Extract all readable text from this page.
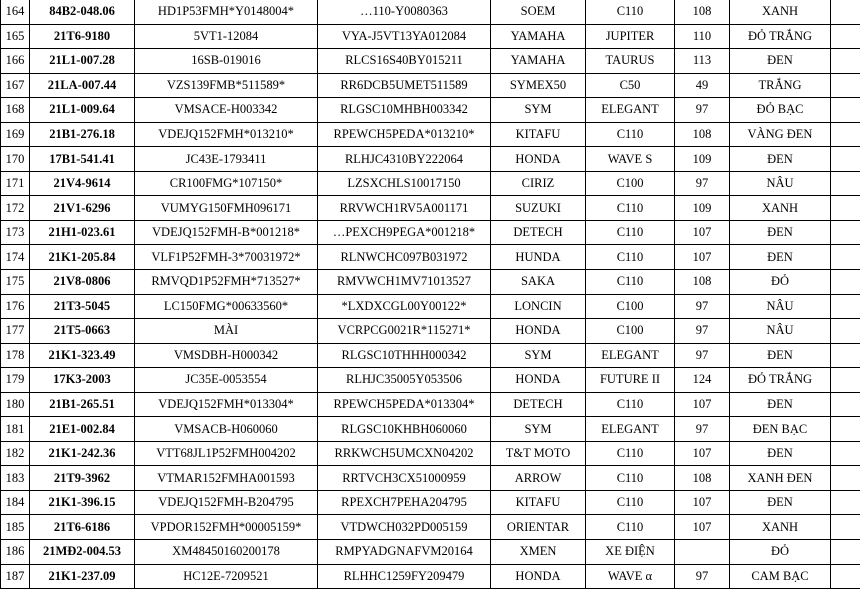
164	84B2-048.06	HD1P53FMH*Y0148004*	…110-Y0080363	SOEM	C110	108	XANH	
165	21T6-9180	5VT1-12084	VYA-J5VT13YA012084	YAMAHA	JUPITER	110	ĐỎ TRẮNG	
166	21L1-007.28	16SB-019016	RLCS16S40BY015211	YAMAHA	TAURUS	113	ĐEN	
167	21LA-007.44	VZS139FMB*511589*	RR6DCB5UMET511589	SYMEX50	C50	49	TRẮNG	
168	21L1-009.64	VMSACE-H003342	RLGSC10MHBH003342	SYM	ELEGANT	97	ĐỎ BẠC	
169	21B1-276.18	VDEJQ152FMH*013210*	RPEWCH5PEDA*013210*	KITAFU	C110	108	VÀNG ĐEN	
170	17B1-541.41	JC43E-1793411	RLHJC4310BY222064	HONDA	WAVE S	109	ĐEN	
171	21V4-9614	CR100FMG*107150*	LZSXCHLS10017150	CIRIZ	C100	97	NÂU	
172	21V1-6296	VUMYG150FMH096171	RRVWCH1RV5A001171	SUZUKI	C110	109	XANH	
173	21H1-023.61	VDEJQ152FMH-B*001218*	…PEXCH9PEGA*001218*	DETECH	C110	107	ĐEN	
174	21K1-205.84	VLF1P52FMH-3*70031972*	RLNWCHC097B031972	HUNDA	C110	107	ĐEN	
175	21V8-0806	RMVQD1P52FMH*713527*	RMVWCH1MV71013527	SAKA	C110	108	ĐỎ	
176	21T3-5045	LC150FMG*00633560*	*LXDXCGL00Y00122*	LONCIN	C100	97	NÂU	
177	21T5-0663	MÀI	VCRPCG0021R*115271*	HONDA	C100	97	NÂU	
178	21K1-323.49	VMSDBH-H000342	RLGSC10THHH000342	SYM	ELEGANT	97	ĐEN	
179	17K3-2003	JC35E-0053554	RLHJC35005Y053506	HONDA	FUTURE II	124	ĐỎ TRẮNG	
180	21B1-265.51	VDEJQ152FMH*013304*	RPEWCH5PEDA*013304*	DETECH	C110	107	ĐEN	
181	21E1-002.84	VMSACB-H060060	RLGSC10KHBH060060	SYM	ELEGANT	97	ĐEN BẠC	
182	21K1-242.36	VTT68JL1P52FMH004202	RRKWCH5UMCXN04202	T&T MOTO	C110	107	ĐEN	
183	21T9-3962	VTMAR152FMHA001593	RRTVCH3CX51000959	ARROW	C110	108	XANH ĐEN	
184	21K1-396.15	VDEJQ152FMH-B204795	RPEXCH7PEHA204795	KITAFU	C110	107	ĐEN	
185	21T6-6186	VPDOR152FMH*00005159*	VTDWCH032PD005159	ORIENTAR	C110	107	XANH	
186	21MĐ2-004.53	XM48450160200178	RMPYADGNAFVM20164	XMEN	XE ĐIỆN		ĐỎ	
187	21K1-237.09	HC12E-7209521	RLHHC1259FY209479	HONDA	WAVE α	97	CAM BẠC	
